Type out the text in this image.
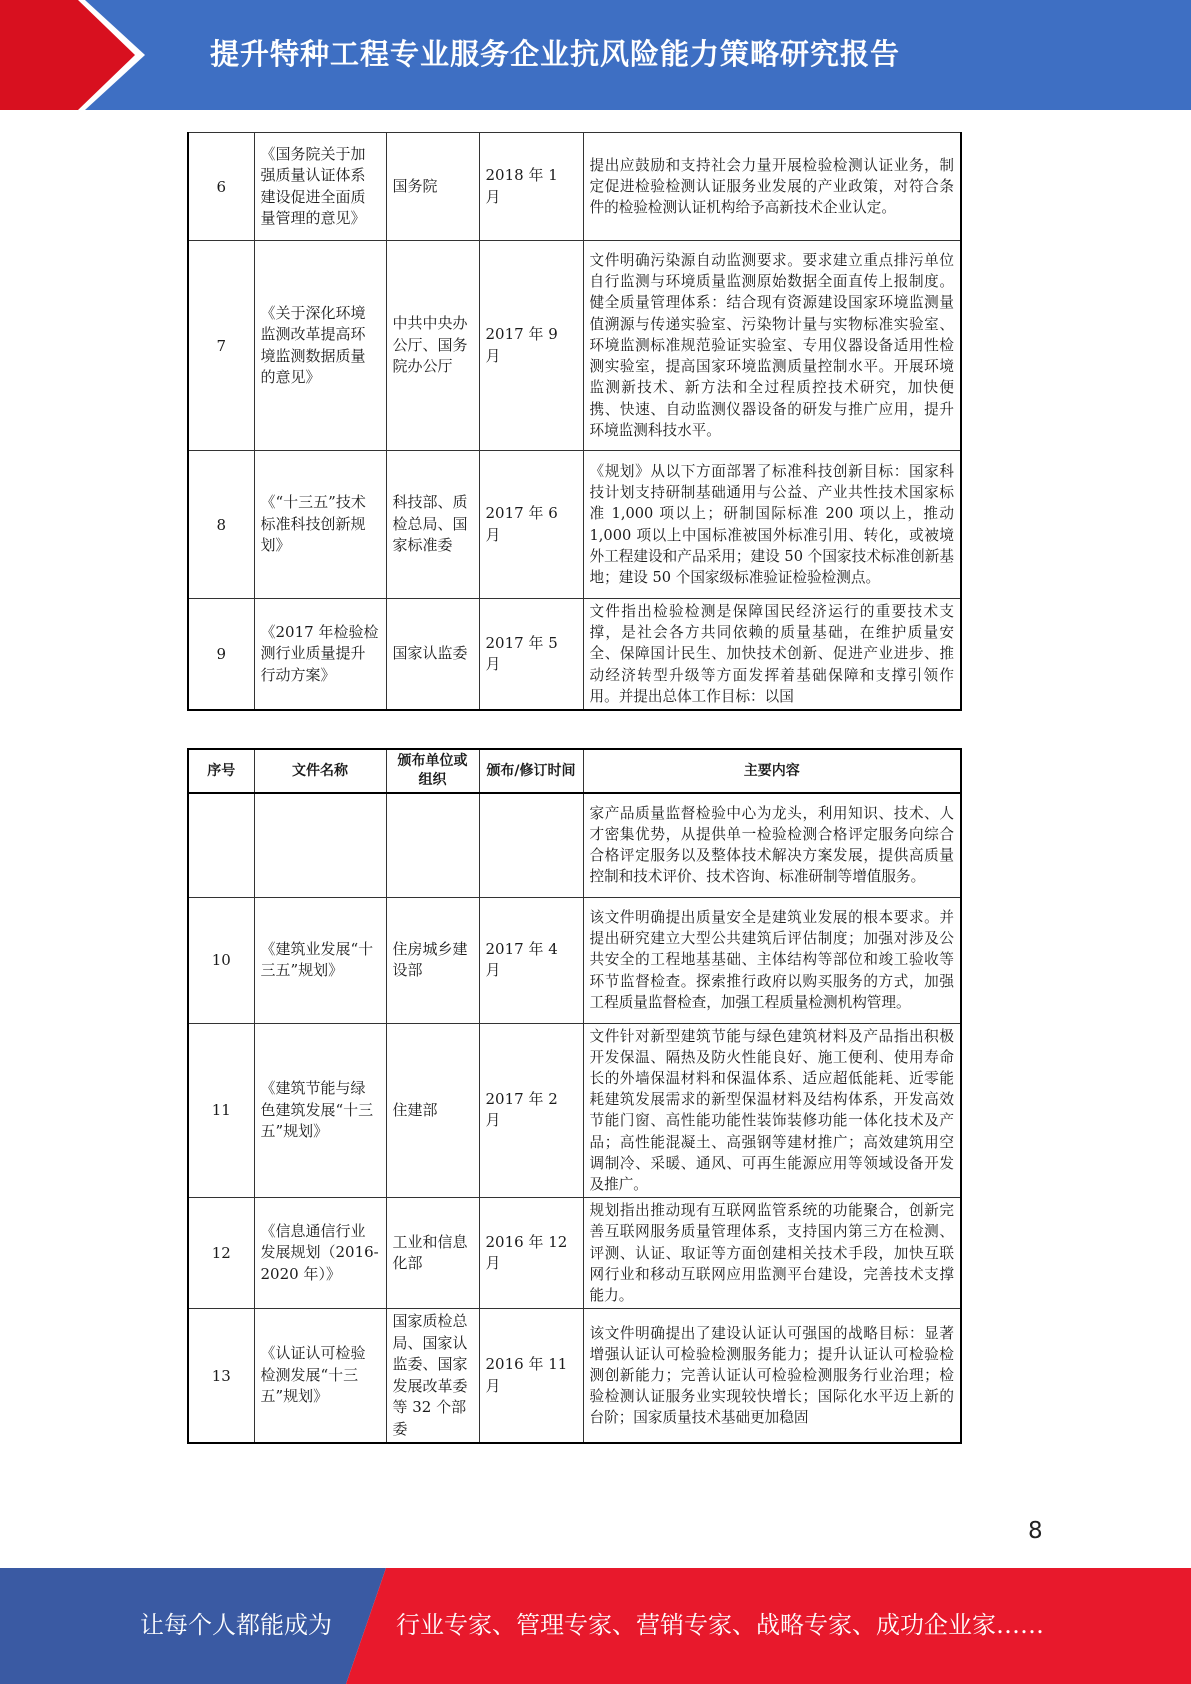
提升特种工程专业服务企业抗风险能力策略研究报告
6	《国务院关于加强质量认证体系建设促进全面质量管理的意见》	国务院	2018 年 1 月	提出应鼓励和支持社会力量开展检验检测认证业务，制定促进检验检测认证服务业发展的产业政策，对符合条件的检验检测认证机构给予高新技术企业认定。
7	《关于深化环境监测改革提高环境监测数据质量的意见》	中共中央办公厅、国务院办公厅	2017 年 9 月	文件明确污染源自动监测要求。要求建立重点排污单位自行监测与环境质量监测原始数据全面直传上报制度。健全质量管理体系：结合现有资源建设国家环境监测量值溯源与传递实验室、污染物计量与实物标准实验室、环境监测标准规范验证实验室、专用仪器设备适用性检测实验室，提高国家环境监测质量控制水平。开展环境监测新技术、新方法和全过程质控技术研究，加快便携、快速、自动监测仪器设备的研发与推广应用，提升环境监测科技水平。
8	《“十三五”技术标准科技创新规划》	科技部、质检总局、国家标准委	2017 年 6 月	《规划》从以下方面部署了标准科技创新目标：国家科技计划支持研制基础通用与公益、产业共性技术国家标准 1,000 项以上；研制国际标准 200 项以上，推动 1,000 项以上中国标准被国外标准引用、转化，或被境外工程建设和产品采用；建设 50 个国家技术标准创新基地；建设 50 个国家级标准验证检验检测点。
9	《2017 年检验检测行业质量提升行动方案》	国家认监委	2017 年 5 月	文件指出检验检测是保障国民经济运行的重要技术支撑，是社会各方共同依赖的质量基础，在维护质量安全、保障国计民生、加快技术创新、促进产业进步、推动经济转型升级等方面发挥着基础保障和支撑引领作用。并提出总体工作目标：以国
序号	文件名称	颁布单位或组织	颁布/修订时间	主要内容
				家产品质量监督检验中心为龙头，利用知识、技术、人才密集优势，从提供单一检验检测合格评定服务向综合合格评定服务以及整体技术解决方案发展，提供高质量控制和技术评价、技术咨询、标准研制等增值服务。
10	《建筑业发展“十三五”规划》	住房城乡建设部	2017 年 4 月	该文件明确提出质量安全是建筑业发展的根本要求。并提出研究建立大型公共建筑后评估制度；加强对涉及公共安全的工程地基基础、主体结构等部位和竣工验收等环节监督检查。探索推行政府以购买服务的方式，加强工程质量监督检查，加强工程质量检测机构管理。
11	《建筑节能与绿色建筑发展“十三五”规划》	住建部	2017 年 2 月	文件针对新型建筑节能与绿色建筑材料及产品指出积极开发保温、隔热及防火性能良好、施工便利、使用寿命长的外墙保温材料和保温体系、适应超低能耗、近零能耗建筑发展需求的新型保温材料及结构体系，开发高效节能门窗、高性能功能性装饰装修功能一体化技术及产品；高性能混凝土、高强钢等建材推广；高效建筑用空调制冷、采暖、通风、可再生能源应用等领域设备开发及推广。
12	《信息通信行业发展规划（2016-2020 年）》	工业和信息化部	2016 年 12 月	规划指出推动现有互联网监管系统的功能聚合，创新完善互联网服务质量管理体系，支持国内第三方在检测、评测、认证、取证等方面创建相关技术手段，加快互联网行业和移动互联网应用监测平台建设，完善技术支撑能力。
13	《认证认可检验检测发展“十三五”规划》	国家质检总局、国家认监委、国家发展改革委等 32 个部委	2016 年 11 月	该文件明确提出了建设认证认可强国的战略目标：显著增强认证认可检验检测服务能力；提升认证认可检验检测创新能力；完善认证认可检验检测服务行业治理；检验检测认证服务业实现较快增长；国际化水平迈上新的台阶；国家质量技术基础更加稳固
8
让每个人都能成为	行业专家、管理专家、营销专家、战略专家、成功企业家……
